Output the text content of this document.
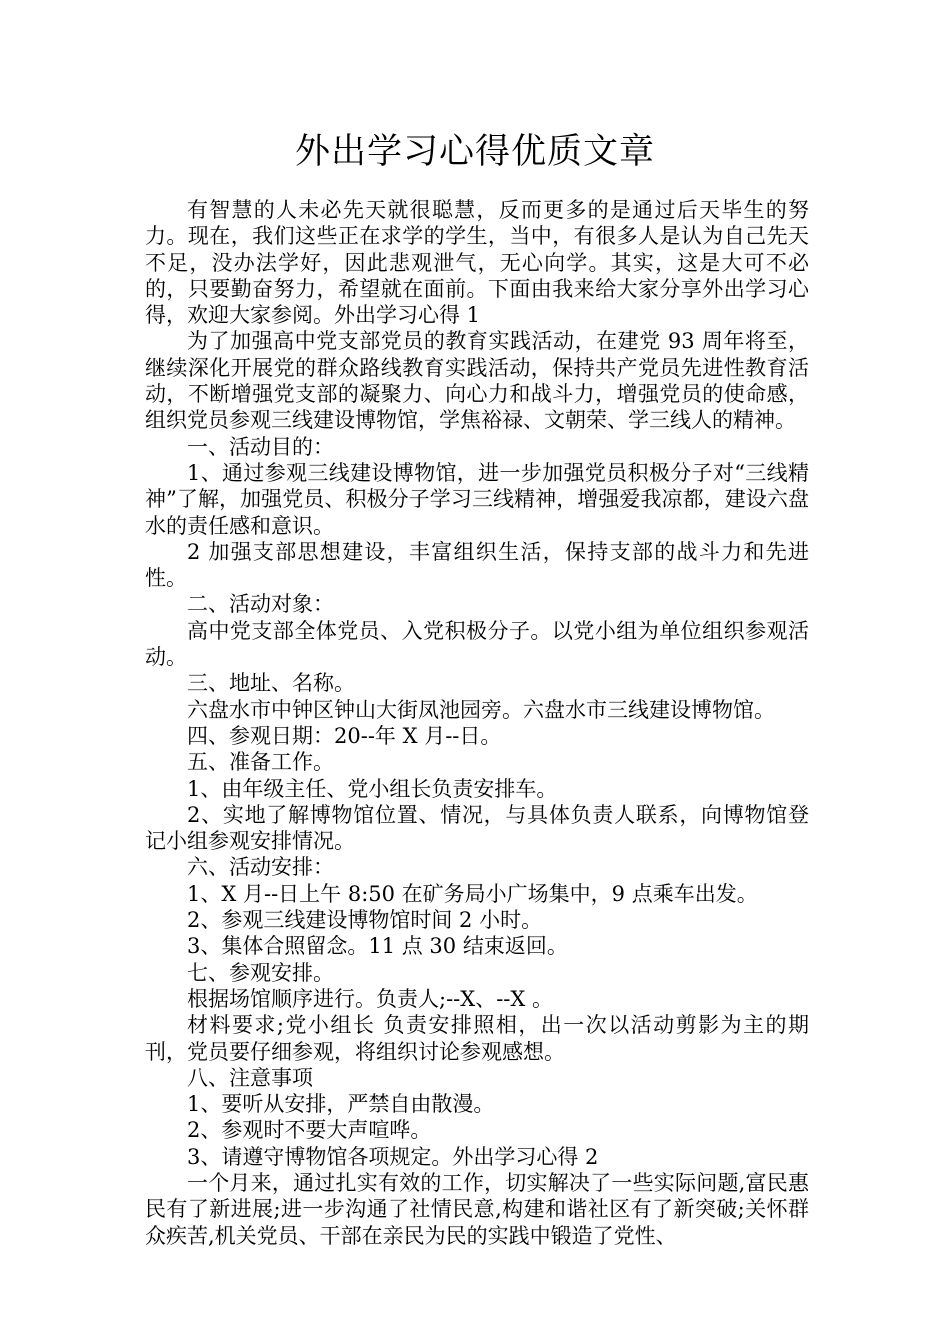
外出学习心得优质文章

有智慧的人未必先天就很聪慧，反而更多的是通过后天毕生的努力。现在，我们这些正在求学的学生，当中，有很多人是认为自己先天不足，没办法学好，因此悲观泄气，无心向学。其实，这是大可不必的，只要勤奋努力，希望就在面前。下面由我来给大家分享外出学习心得，欢迎大家参阅。外出学习心得 1

为了加强高中党支部党员的教育实践活动，在建党 93 周年将至，继续深化开展党的群众路线教育实践活动，保持共产党员先进性教育活动，不断增强党支部的凝聚力、向心力和战斗力，增强党员的使命感，组织党员参观三线建设博物馆，学焦裕禄、文朝荣、学三线人的精神。

一、活动目的：

1、通过参观三线建设博物馆，进一步加强党员积极分子对“三线精神”了解，加强党员、积极分子学习三线精神，增强爱我凉都，建设六盘水的责任感和意识。

2 加强支部思想建设，丰富组织生活，保持支部的战斗力和先进性。

二、活动对象：

高中党支部全体党员、入党积极分子。以党小组为单位组织参观活动。

三、地址、名称。

六盘水市中钟区钟山大街凤池园旁。六盘水市三线建设博物馆。

四、参观日期：20--年 X 月--日。

五、准备工作。

1、由年级主任、党小组长负责安排车。

2、实地了解博物馆位置、情况，与具体负责人联系，向博物馆登记小组参观安排情况。

六、活动安排：

1、X 月--日上午 8:50 在矿务局小广场集中，9 点乘车出发。

2、参观三线建设博物馆时间 2 小时。

3、集体合照留念。11 点 30 结束返回。

七、参观安排。

根据场馆顺序进行。负责人;--X、--X 。

材料要求;党小组长 负责安排照相，出一次以活动剪影为主的期刊，党员要仔细参观，将组织讨论参观感想。

八、注意事项

1、要听从安排，严禁自由散漫。

2、参观时不要大声喧哗。

3、请遵守博物馆各项规定。外出学习心得 2

一个月来，通过扎实有效的工作，切实解决了一些实际问题,富民惠民有了新进展;进一步沟通了社情民意,构建和谐社区有了新突破;关怀群众疾苦,机关党员、干部在亲民为民的实践中锻造了党性、
